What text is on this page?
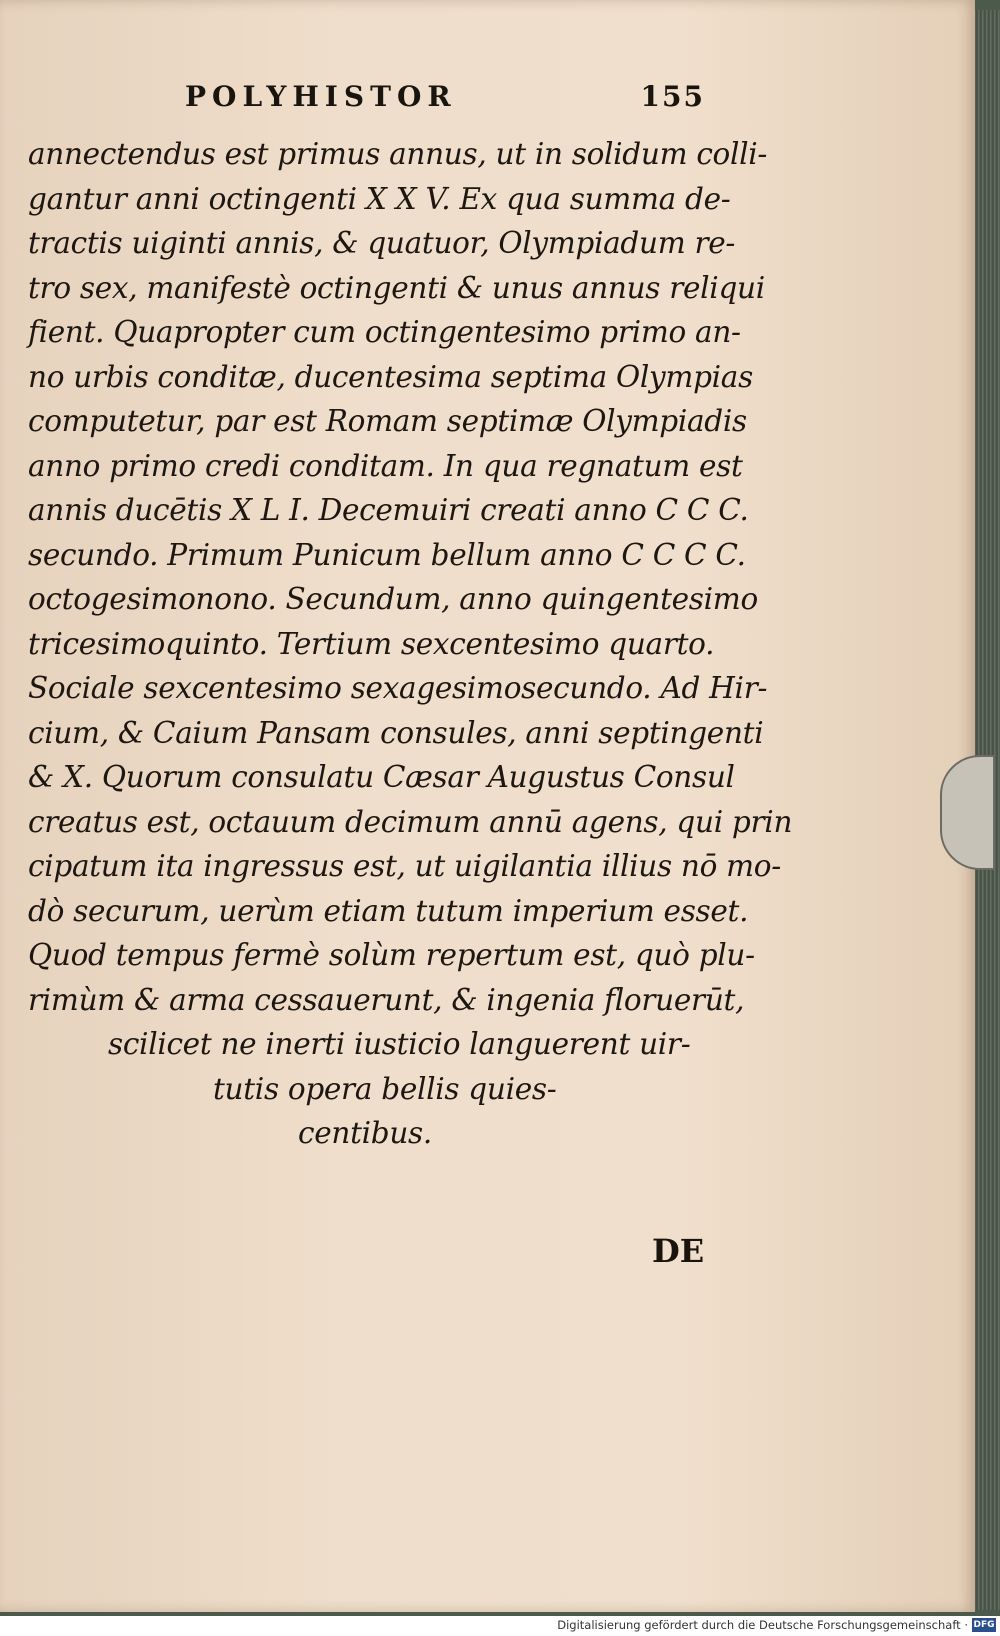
POLYHISTOR	155
annectendus est primus annus, ut in solidum colli-
gantur anni octingenti X X V. Ex qua summa de-
tractis uiginti annis, & quatuor, Olympiadum re-
tro sex, manifestè octingenti & unus annus reliqui
fient. Quapropter cum octingentesimo primo an-
no urbis conditæ, ducentesima septima Olympias
computetur, par est Romam septimæ Olympiadis
anno primo credi conditam. In qua regnatum est
annis ducētis X L I. Decemuiri creati anno C C C.
secundo. Primum Punicum bellum anno C C C C.
octogesimonono. Secundum, anno quingentesimo
tricesimoquinto. Tertium sexcentesimo quarto.
Sociale sexcentesimo sexagesimosecundo. Ad Hir-
cium, & Caium Pansam consules, anni septingenti
& X. Quorum consulatu Cæsar Augustus Consul
creatus est, octauum decimum annū agens, qui prin
cipatum ita ingressus est, ut uigilantia illius nō mo-
dò securum, uerùm etiam tutum imperium esset.
Quod tempus fermè solùm repertum est, quò plu-
rimùm & arma cessauerunt, & ingenia floruerūt,
scilicet ne inerti iusticio languerent uir-
tutis opera bellis quies-
centibus.
DE
Digitalisierung gefördert durch die Deutsche Forschungsgemeinschaft · DFG
